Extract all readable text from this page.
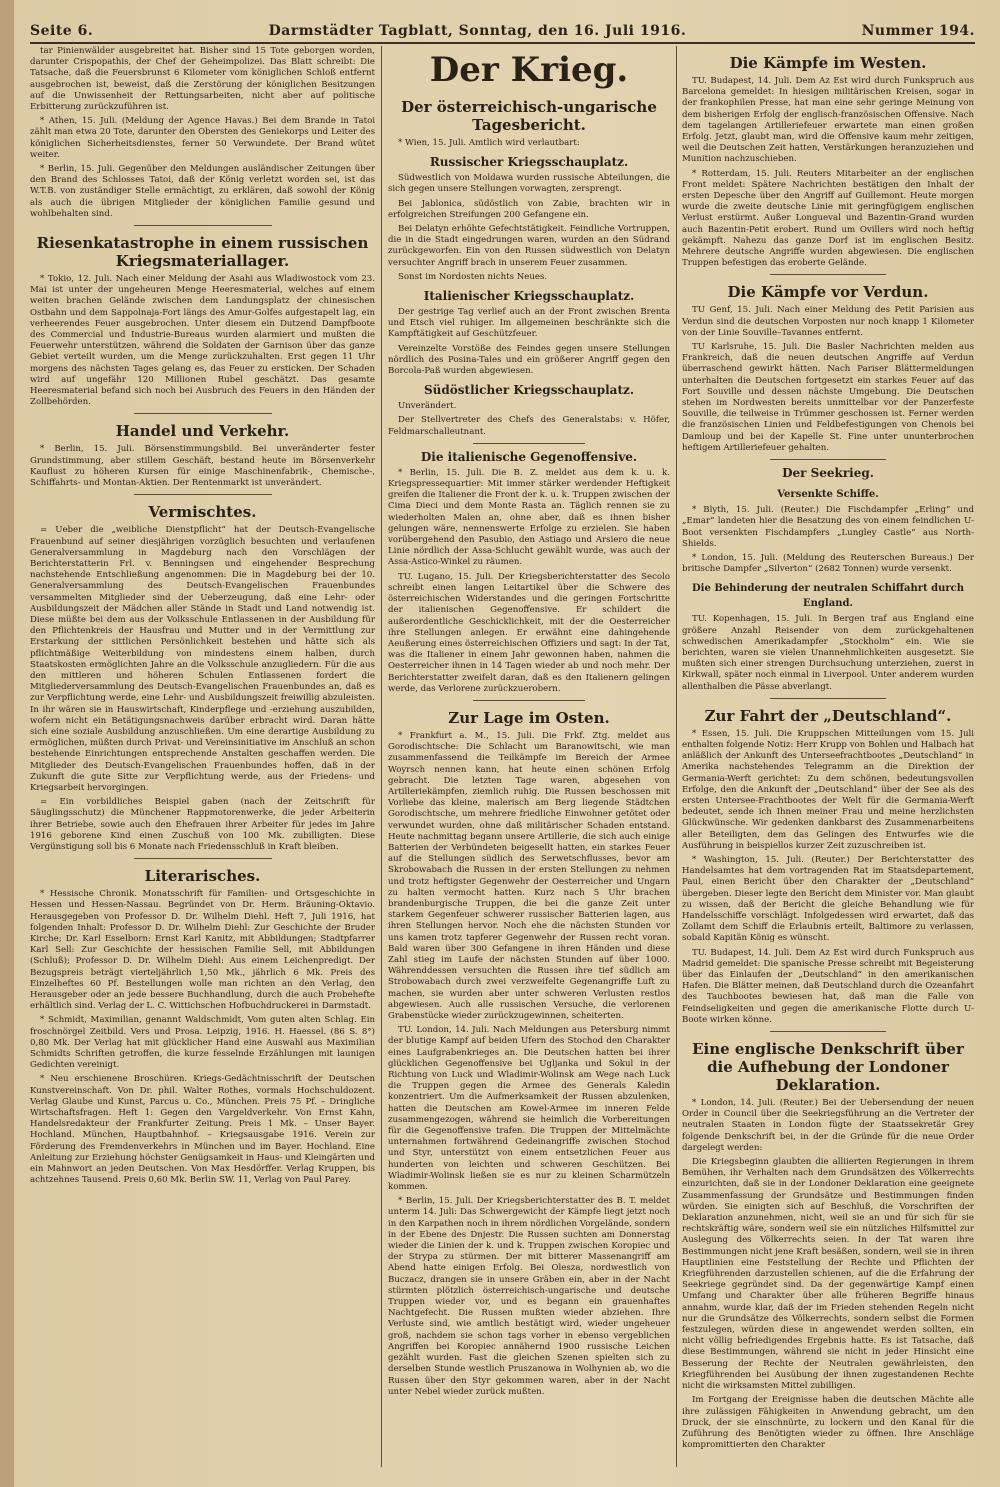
Seite 6.	Darmstädter Tagblatt, Sonntag, den 16. Juli 1916.	Nummer 194.

tar Pinienwälder ausgebreitet hat. Bisher sind 15 Tote geborgen worden, darunter Crispopathis, der Chef der Geheimpolizei. Das Blatt schreibt: Die Tatsache, daß die Feuersbrunst 6 Kilometer vom königlichen Schloß entfernt ausgebrochen ist, beweist, daß die Zerstörung der königlichen Besitzungen auf die Unwissenheit der Rettungsarbeiten, nicht aber auf politische Erbitterung zurückzuführen ist.

* Athen, 15. Juli. (Meldung der Agence Havas.) Bei dem Brande in Tatoi zählt man etwa 20 Tote, darunter den Obersten des Geniekorps und Leiter des königlichen Sicherheitsdienstes, ferner 50 Verwundete. Der Brand wütet weiter.

* Berlin, 15. Juli. Gegenüber den Meldungen ausländischer Zeitungen über den Brand des Schlosses Tatoi, daß der König verletzt worden sei, ist das W.T.B. von zuständiger Stelle ermächtigt, zu erklären, daß sowohl der König als auch die übrigen Mitglieder der königlichen Familie gesund und wohlbehalten sind.

Riesenkatastrophe in einem russischen Kriegsmateriallager.

* Tokio, 12. Juli. Nach einer Meldung der Asahi aus Wladiwostock vom 23. Mai ist unter der ungeheuren Menge Heeresmaterial, welches auf einem weiten brachen Gelände zwischen dem Landungsplatz der chinesischen Ostbahn und dem Sappolnaja-Fort längs des Amur-Golfes aufgestapelt lag, ein verheerendes Feuer ausgebrochen. Unter diesem ein Dutzend Dampfboote des Commercial und Industrie-Bureaus wurden alarmiert und mußten die Feuerwehr unterstützen, während die Soldaten der Garnison über das ganze Gebiet verteilt wurden, um die Menge zurückzuhalten. Erst gegen 11 Uhr morgens des nächsten Tages gelang es, das Feuer zu ersticken. Der Schaden wird auf ungefähr 120 Millionen Rubel geschätzt. Das gesamte Heeresmaterial befand sich noch bei Ausbruch des Feuers in den Händen der Zollbehörden.

Handel und Verkehr.

* Berlin, 15. Juli. Börsenstimmungsbild. Bei unveränderter fester Grundstimmung, aber stillem Geschäft, bestand heute im Börsenverkehr Kauflust zu höheren Kursen für einige Maschinenfabrik-, Chemische-, Schiffahrts- und Montan-Aktien. Der Rentenmarkt ist unverändert.

Vermischtes.

= Ueber die „weibliche Dienstpflicht“ hat der Deutsch-Evangelische Frauenbund auf seiner diesjährigen vorzüglich besuchten und verlaufenen Generalversammlung in Magdeburg nach den Vorschlägen der Berichterstatterin Frl. v. Benningsen und eingehender Besprechung nachstehende Entschließung angenommen: Die in Magdeburg bei der 10. Generalversammlung des Deutsch-Evangelischen Frauenbundes versammelten Mitglieder sind der Ueberzeugung, daß eine Lehr- oder Ausbildungszeit der Mädchen aller Stände in Stadt und Land notwendig ist. Diese müßte bei dem aus der Volksschule Entlassenen in der Ausbildung für den Pflichtenkreis der Hausfrau und Mutter und in der Vermittlung zur Erstarkung der sittlichen Persönlichkeit bestehen und hätte sich als pflichtmäßige Weiterbildung von mindestens einem halben, durch Staatskosten ermöglichten Jahre an die Volksschule anzugliedern. Für die aus den mittleren und höheren Schulen Entlassenen fordert die Mitgliederversammlung des Deutsch-Evangelischen Frauenbundes an, daß es zur Verpflichtung werde, eine Lehr- und Ausbildungszeit freiwillig abzuleisten. In ihr wären sie in Hauswirtschaft, Kinderpflege und -erziehung auszubilden, wofern nicht ein Betätigungsnachweis darüber erbracht wird. Daran hätte sich eine soziale Ausbildung anzuschließen. Um eine derartige Ausbildung zu ermöglichen, müßten durch Privat- und Vereinsinitiative im Anschluß an schon bestehende Einrichtungen entsprechende Anstalten geschaffen werden. Die Mitglieder des Deutsch-Evangelischen Frauenbundes hoffen, daß in der Zukunft die gute Sitte zur Verpflichtung werde, aus der Friedens- und Kriegsarbeit hervorgingen.

= Ein vorbildliches Beispiel gaben (nach der Zeitschrift für Säuglingsschutz) die Münchener Rappmotorenwerke, die jeder Arbeiterin ihrer Betriebe, sowie auch den Ehefrauen ihrer Arbeiter für jedes im Jahre 1916 geborene Kind einen Zuschuß von 100 Mk. zubilligten. Diese Vergünstigung soll bis 6 Monate nach Friedensschluß in Kraft bleiben.

Literarisches.

* Hessische Chronik. Monatsschrift für Familien- und Ortsgeschichte in Hessen und Hessen-Nassau. Begründet von Dr. Herm. Bräuning-Oktavio. Herausgegeben von Professor D. Dr. Wilhelm Diehl. Heft 7, Juli 1916, hat folgenden Inhalt: Professor D. Dr. Wilhelm Diehl: Zur Geschichte der Bruder Kirche; Dr. Karl Esselborn: Ernst Karl Kanitz, mit Abbildungen; Stadtpfarrer Karl Sell: Zur Geschichte der hessischen Familie Sell, mit Abbildungen (Schluß); Professor D. Dr. Wilhelm Diehl: Aus einem Leichenpredigt. Der Bezugspreis beträgt vierteljährlich 1,50 Mk., jährlich 6 Mk. Preis des Einzelheftes 60 Pf. Bestellungen wolle man richten an den Verlag, den Herausgeber oder an jede bessere Buchhandlung, durch die auch Probehefte erhältlich sind. Verlag der L. C. Wittichschen Hofbuchdruckerei in Darmstadt.

* Schmidt, Maximilian, genannt Waldschmidt, Vom guten alten Schlag. Ein froschnörgel Zeitbild. Vers und Prosa. Leipzig, 1916. H. Haessel. (86 S. 8°) 0,80 Mk. Der Verlag hat mit glücklicher Hand eine Auswahl aus Maximilian Schmidts Schriften getroffen, die kurze fesselnde Erzählungen mit launigen Gedichten vereinigt.

* Neu erschienene Broschüren. Kriegs-Gedächtnisschrift der Deutschen Kunstvereinschaft. Von Dr. phil. Walter Rothes, vormals Hochschuldozent. Verlag Glaube und Kunst, Parcus u. Co., München. Preis 75 Pf. – Dringliche Wirtschaftsfragen. Heft 1: Gegen den Vargeldverkehr. Von Ernst Kahn, Handelsredakteur der Frankfurter Zeitung. Preis 1 Mk. – Unser Bayer. Hochland. München, Hauptbahnhof. – Kriegsausgabe 1916. Verein zur Förderung des Fremdenverkehrs in München und im Bayer. Hochland. Eine Anleitung zur Erziehung höchster Genügsamkeit in Haus- und Kleingärten und ein Mahnwort an jeden Deutschen. Von Max Hesdörffer. Verlag Kruppen, bis achtzehnes Tausend. Preis 0,60 Mk. Berlin SW. 11, Verlag von Paul Parey.

Der Krieg.
Der österreichisch-ungarische Tagesbericht.

* Wien, 15. Juli. Amtlich wird verlautbart:

Russischer Kriegsschauplatz.

Südwestlich von Moldawa wurden russische Abteilungen, die sich gegen unsere Stellungen vorwagten, zersprengt.

Bei Jablonica, südöstlich von Zabie, brachten wir in erfolgreichen Streifungen 200 Gefangene ein.

Bei Delatyn erhöhte Gefechtstätigkeit. Feindliche Vortruppen, die in die Stadt eingedrungen waren, wurden an den Südrand zurückgeworfen. Ein von den Russen südwestlich von Delatyn versuchter Angriff brach in unserem Feuer zusammen.

Sonst im Nordosten nichts Neues.

Italienischer Kriegsschauplatz.

Der gestrige Tag verlief auch an der Front zwischen Brenta und Etsch viel ruhiger. Im allgemeinen beschränkte sich die Kampftätigkeit auf Geschützfeuer.

Vereinzelte Vorstöße des Feindes gegen unsere Stellungen nördlich des Posina-Tales und ein größerer Angriff gegen den Borcola-Paß wurden abgewiesen.

Südöstlicher Kriegsschauplatz.

Unverändert.

Der Stellvertreter des Chefs des Generalstabs: v. Höfer, Feldmarschalleutnant.

Die italienische Gegenoffensive.

* Berlin, 15. Juli. Die B. Z. meldet aus dem k. u. k. Kriegspressequartier: Mit immer stärker werdender Heftigkeit greifen die Italiener die Front der k. u. k. Truppen zwischen der Cima Dieci und dem Monte Rasta an. Täglich rennen sie zu wiederholten Malen an, ohne aber, daß es ihnen bisher gelungen wäre, nennenswerte Erfolge zu erzielen. Sie haben vorübergehend den Pasubio, den Astiago und Arsiero die neue Linie nördlich der Assa-Schlucht gewählt wurde, was auch der Assa-Astico-Winkel zu räumen.

TU. Lugano, 15. Juli. Der Kriegsberichterstatter des Secolo schreibt einen langen Leitartikel über die Schwere des österreichischen Widerstandes und die geringen Fortschritte der italienischen Gegenoffensive. Er schildert die außerordentliche Geschicklichkeit, mit der die Oesterreicher ihre Stellungen anlegen. Er erwähnt eine dahingehende Aeußerung eines österreichischen Offiziers und sagt: In der Tat, was die Italiener in einem Jahr gewonnen haben, nahmen die Oesterreicher ihnen in 14 Tagen wieder ab und noch mehr. Der Berichterstatter zweifelt daran, daß es den Italienern gelingen werde, das Verlorene zurückzuerobern.

Zur Lage im Osten.

* Frankfurt a. M., 15. Juli. Die Frkf. Ztg. meldet aus Gorodischtsche: Die Schlacht um Baranowitschi, wie man zusammenfassend die Teilkämpfe im Bereich der Armee Woyrsch nennen kann, hat heute einen schönen Erfolg gebracht. Die letzten Tage waren, abgesehen von Artilleriekämpfen, ziemlich ruhig. Die Russen beschossen mit Vorliebe das kleine, malerisch am Berg liegende Städtchen Gorodischtsche, um mehrere friedliche Einwohner getötet oder verwundet wurden, ohne daß militärischer Schaden entstand. Heute nachmittag begann unsere Artillerie, die sich auch einige Batterien der Verbündeten beigesellt hatten, ein starkes Feuer auf die Stellungen südlich des Serwetschflusses, bevor am Skrobowabach die Russen in der ersten Stellungen zu nehmen und trotz heftigster Gegenwehr der Oesterreicher und Ungarn zu halten vermocht hatten. Kurz nach 5 Uhr brachen brandenburgische Truppen, die bei die ganze Zeit unter starkem Gegenfeuer schwerer russischer Batterien lagen, aus ihren Stellungen hervor. Noch ehe die nächsten Stunden vor uns kamen trotz tapferer Gegenwehr der Russen recht voran. Bald waren über 300 Gefangene in ihren Händen und diese Zahl stieg im Laufe der nächsten Stunden auf über 1000. Währenddessen versuchten die Russen ihre tief südlich am Strobowabach durch zwei verzweifelte Gegenangriffe Luft zu machen, sie wurden aber unter schweren Verlusten restlos abgewiesen. Auch alle russischen Versuche, die verlorenen Grabenstücke wieder zurückzugewinnen, scheiterten.

TU. London, 14. Juli. Nach Meldungen aus Petersburg nimmt der blutige Kampf auf beiden Ufern des Stochod den Charakter eines Laufgrabenkrieges an. Die Deutschen hatten bei ihrer glücklichen Gegenoffensive bei Ugljanka und Sokul in der Richtung von Luck und Wladimir-Wolinsk am Wege nach Luck die Truppen gegen die Armee des Generals Kaledin konzentriert. Um die Aufmerksamkeit der Russen abzulenken, hatten die Deutschen am Kowel-Armee im inneren Felde zusammengezogen, während sie heimlich die Vorbereitungen für die Gegenoffensive trafen. Die Truppen der Mittelmächte unternahmen fortwährend Gedeinangriffe zwischen Stochod und Styr, unterstützt von einem entsetzlichen Feuer aus hunderten von leichten und schweren Geschützen. Bei Wladimir-Wolinsk ließen sie es nur zu kleinen Scharmützeln kommen.

* Berlin, 15. Juli. Der Kriegsberichterstatter des B. T. meldet unterm 14. Juli: Das Schwergewicht der Kämpfe liegt jetzt noch in den Karpathen noch in ihrem nördlichen Vorgelände, sondern in der Ebene des Dnjestr. Die Russen suchten am Donnerstag wieder die Linien der k. und k. Truppen zwischen Koropiec und der Strypa zu stürmen. Der mit bitterer Massenangriff am Abend hatte einigen Erfolg. Bei Olesza, nordwestlich von Buczacz, drangen sie in unsere Gräben ein, aber in der Nacht stürmten plötzlich österreichisch-ungarische und deutsche Truppen wieder vor, und es begann ein grauenhaftes Nachtgefecht. Die Russen mußten wieder abziehen. Ihre Verluste sind, wie amtlich bestätigt wird, wieder ungeheuer groß, nachdem sie schon tags vorher in ebenso vergeblichen Angriffen bei Koropiec annähernd 1900 russische Leichen gezählt wurden. Fast die gleichen Szenen spielten sich zu derselben Stunde westlich Pruszanowa in Wolhynien ab, wo die Russen über den Styr gekommen waren, aber in der Nacht unter Nebel wieder zurück mußten.

Die Kämpfe im Westen.

TU. Budapest, 14. Juli. Dem Az Est wird durch Funkspruch aus Barcelona gemeldet: In hiesigen militärischen Kreisen, sogar in der frankophilen Presse, hat man eine sehr geringe Meinung von dem bisherigen Erfolg der englisch-französischen Offensive. Nach dem tagelangen Artilleriefeuer erwartete man einen großen Erfolg. Jetzt, glaubt man, wird die Offensive kaum mehr zeitigen, weil die Deutschen Zeit hatten, Verstärkungen heranzuziehen und Munition nachzuschieben.

* Rotterdam, 15. Juli. Reuters Mitarbeiter an der englischen Front meldet: Spätere Nachrichten bestätigen den Inhalt der ersten Depesche über den Angriff auf Guillemont. Heute morgen wurde die zweite deutsche Linie mit geringfügigem englischen Verlust erstürmt. Außer Longueval und Bazentin-Grand wurden auch Bazentin-Petit erobert. Rund um Ovillers wird noch heftig gekämpft. Nahezu das ganze Dorf ist im englischen Besitz. Mehrere deutsche Angriffe wurden abgewiesen. Die englischen Truppen befestigen das eroberte Gelände.

Die Kämpfe vor Verdun.

TU Genf, 15. Juli. Nach einer Meldung des Petit Parisien aus Verdun sind die deutschen Vorposten nur noch knapp 1 Kilometer von der Linie Souville–Tavannes entfernt.

TU Karlsruhe, 15. Juli. Die Basler Nachrichten melden aus Frankreich, daß die neuen deutschen Angriffe auf Verdun überraschend gewirkt hätten. Nach Pariser Blättermeldungen unterhalten die Deutschen fortgesetzt ein starkes Feuer auf das Fort Souville und dessen nächste Umgebung. Die Deutschen stehen im Nordwesten bereits unmittelbar vor der Panzerfeste Souville, die teilweise in Trümmer geschossen ist. Ferner werden die französischen Linien und Feldbefestigungen von Chenois bei Damloup und bei der Kapelle St. Fine unter ununterbrochen heftigem Artilleriefeuer gehalten.

Der Seekrieg.
Versenkte Schiffe.

* Blyth, 15. Juli. (Reuter.) Die Fischdampfer „Erling“ und „Emar“ landeten hier die Besatzung des von einem feindlichen U-Boot versenkten Fischdampfers „Lungley Castle“ aus North-Shields.

* London, 15. Juli. (Meldung des Reuterschen Bureaus.) Der britische Dampfer „Silverton“ (2682 Tonnen) wurde versenkt.

Die Behinderung der neutralen Schiffahrt durch England.

TU. Kopenhagen, 15. Juli. In Bergen traf aus England eine größere Anzahl Reisender von dem zurückgehaltenen schwedischen Amerikadampfer „Stockholm“ ein. Wie sie berichten, waren sie vielen Unannehmlichkeiten ausgesetzt. Sie mußten sich einer strengen Durchsuchung unterziehen, zuerst in Kirkwall, später noch einmal in Liverpool. Unter anderem wurden allenthalben die Pässe abverlangt.

Zur Fahrt der „Deutschland“.

* Essen, 15. Juli. Die Kruppschen Mitteilungen vom 15. Juli enthalten folgende Notiz: Herr Krupp von Bohlen und Halbach hat anläßlich der Ankunft des Unterseefrachtbootes „Deutschland“ in Amerika nachstehendes Telegramm an die Direktion der Germania-Werft gerichtet: Zu dem schönen, bedeutungsvollen Erfolge, den die Ankunft der „Deutschland“ über der See als des ersten Untersee-Frachtbootes der Welt für die Germania-Werft bedeutet, sende ich Ihnen meiner Frau und meine herzlichsten Glückwünsche. Wir gedenken dankbarst des Zusammenarbeitens aller Beteiligten, dem das Gelingen des Entwurfes wie die Ausführung in beispiellos kurzer Zeit zuzuschreiben ist.

* Washington, 15. Juli. (Reuter.) Der Berichterstatter des Handelsamtes hat dem vortragenden Rat im Staatsdepartement, Paul, einen Bericht über den Charakter der „Deutschland“ übergeben. Dieser legte den Bericht dem Minister vor. Man glaubt zu wissen, daß der Bericht die gleiche Behandlung wie für Handelsschiffe vorschlägt. Infolgedessen wird erwartet, daß das Zollamt dem Schiff die Erlaubnis erteilt, Baltimore zu verlassen, sobald Kapitän König es wünscht.

TU. Budapest, 14. Juli. Dem Az Est wird durch Funkspruch aus Madrid gemeldet: Die spanische Presse schreibt mit Begeisterung über das Einlaufen der „Deutschland“ in den amerikanischen Hafen. Die Blätter meinen, daß Deutschland durch die Ozeanfahrt des Tauchbootes bewiesen hat, daß man die Falle von Feindseligkeiten und gegen die amerikanische Flotte durch U-Boote wirken könne.

Eine englische Denkschrift über die Aufhebung der Londoner Deklaration.

* London, 14. Juli. (Reuter.) Bei der Uebersendung der neuen Order in Council über die Seekriegsführung an die Vertreter der neutralen Staaten in London fügte der Staatssekretär Grey folgende Denkschrift bei, in der die Gründe für die neue Order dargelegt werden:

Die Kriegsbeginn glaubten die alliierten Regierungen in ihrem Bemühen, ihr Verhalten nach dem Grundsätzen des Völkerrechts einzurichten, daß sie in der Londoner Deklaration eine geeignete Zusammenfassung der Grundsätze und Bestimmungen finden würden. Sie einigten sich auf Beschluß, die Vorschriften der Deklaration anzunehmen, nicht, weil sie an und für sich für sie rechtskräftig wäre, sondern weil sie ein nützliches Hilfsmittel zur Auslegung des Völkerrechts seien. In der Tat waren ihre Bestimmungen nicht jene Kraft besäßen, sondern, weil sie in ihren Hauptlinien eine Feststellung der Rechte und Pflichten der Kriegführenden darzustellen schienen, auf die die Erfahrung der Seekriege gegründet sind. Da der gegenwärtige Kampf einen Umfang und Charakter über alle früheren Begriffe hinaus annahm, wurde klar, daß der im Frieden stehenden Regeln nicht nur die Grundsätze des Völkerrechts, sondern selbst die Formen festzulegen, würden diese in angewendet werden sollten, ein nicht völlig befriedigendes Ergebnis hatte. Es ist Tatsache, daß diese Bestimmungen, während sie nicht in jeder Hinsicht eine Besserung der Rechte der Neutralen gewährleisten, den Kriegführenden bei Ausübung der ihnen zugestandenen Rechte nicht die wirksamsten Mittel zubilligen.

Im Fortgang der Ereignisse haben die deutschen Mächte alle ihre zulässigen Fähigkeiten in Anwendung gebracht, um den Druck, der sie einschnürte, zu lockern und den Kanal für die Zuführung des Benötigten wieder zu öffnen. Ihre Anschläge kompromittierten den Charakter
